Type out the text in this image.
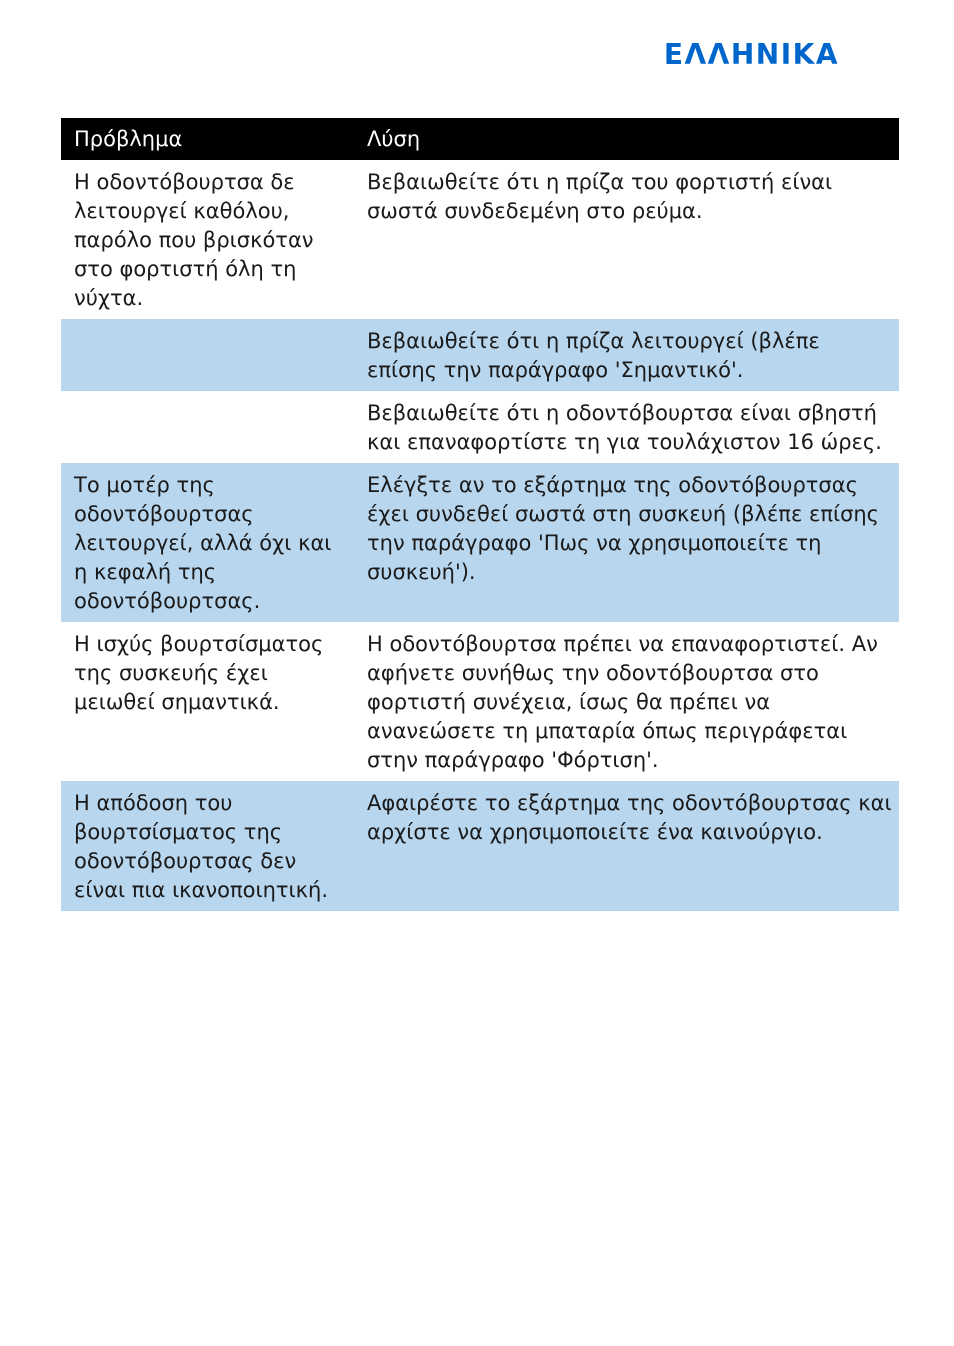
ΕΛΛΗΝΙΚΑ
Πρόβλημα	Λύση
Η οδοντόβουρτσα δε λειτουργεί καθόλου, παρόλο που βρισκόταν στο φορτιστή όλη τη νύχτα.
Βεβαιωθείτε ότι η πρίζα του φορτιστή είναι σωστά συνδεδεμένη στο ρεύμα.
Βεβαιωθείτε ότι η πρίζα λειτουργεί (βλέπε επίσης την παράγραφο 'Σημαντικό'.
Βεβαιωθείτε ότι η οδοντόβουρτσα είναι σβηστή και επαναφορτίστε τη για τουλάχιστον 16 ώρες.
Το μοτέρ της οδοντόβουρτσας λειτουργεί, αλλά όχι και η κεφαλή της οδοντόβουρτσας.
Ελέγξτε αν το εξάρτημα της οδοντόβουρτσας έχει συνδεθεί σωστά στη συσκευή (βλέπε επίσης την παράγραφο 'Πως να χρησιμοποιείτε τη συσκευή').
Η ισχύς βουρτσίσματος της συσκευής έχει μειωθεί σημαντικά.
Η οδοντόβουρτσα πρέπει να επαναφορτιστεί. Αν αφήνετε συνήθως την οδοντόβουρτσα στο φορτιστή συνέχεια, ίσως θα πρέπει να ανανεώσετε τη μπαταρία όπως περιγράφεται στην παράγραφο 'Φόρτιση'.
Η απόδοση του βουρτσίσματος της οδοντόβουρτσας δεν είναι πια ικανοποιητική.
Αφαιρέστε το εξάρτημα της οδοντόβουρτσας και αρχίστε να χρησιμοποιείτε ένα καινούργιο.
